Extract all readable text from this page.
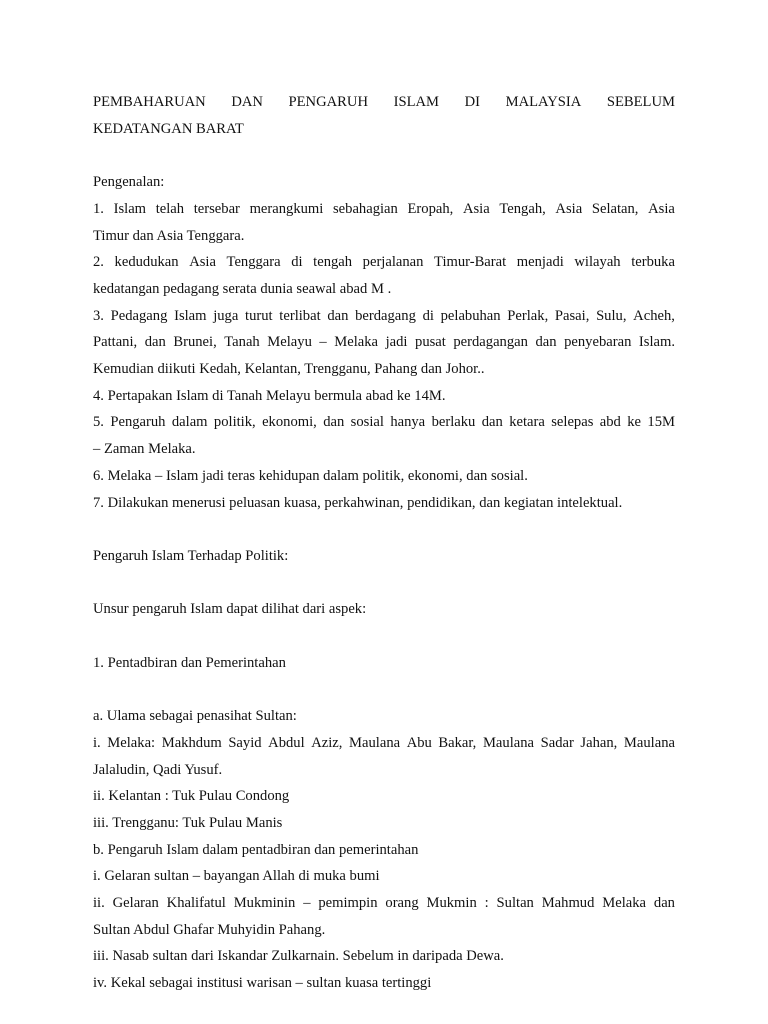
PEMBAHARUAN DAN PENGARUH ISLAM DI MALAYSIA SEBELUM

KEDATANGAN BARAT

Pengenalan:

1. Islam telah tersebar merangkumi sebahagian Eropah, Asia Tengah, Asia Selatan, Asia

Timur dan Asia Tenggara.

2. kedudukan Asia Tenggara di tengah perjalanan Timur-Barat menjadi wilayah terbuka

kedatangan pedagang serata dunia seawal abad M .

3. Pedagang Islam juga turut terlibat dan berdagang di pelabuhan Perlak, Pasai, Sulu, Acheh,

Pattani, dan Brunei, Tanah Melayu – Melaka jadi pusat perdagangan dan penyebaran Islam.

Kemudian diikuti Kedah, Kelantan, Trengganu, Pahang dan Johor..

4. Pertapakan Islam di Tanah Melayu bermula abad ke 14M.

5. Pengaruh dalam politik, ekonomi, dan sosial hanya berlaku dan ketara selepas abd ke 15M

– Zaman Melaka.

6. Melaka – Islam jadi teras kehidupan dalam politik, ekonomi, dan sosial.

7. Dilakukan menerusi peluasan kuasa, perkahwinan, pendidikan, dan kegiatan intelektual.

Pengaruh Islam Terhadap Politik:

Unsur pengaruh Islam dapat dilihat dari aspek:

1. Pentadbiran dan Pemerintahan

a. Ulama sebagai penasihat Sultan:

i. Melaka: Makhdum Sayid Abdul Aziz, Maulana Abu Bakar, Maulana Sadar Jahan, Maulana

Jalaludin, Qadi Yusuf.

ii. Kelantan : Tuk Pulau Condong

iii. Trengganu: Tuk Pulau Manis

b. Pengaruh Islam dalam pentadbiran dan pemerintahan

i. Gelaran sultan – bayangan Allah di muka bumi

ii. Gelaran Khalifatul Mukminin – pemimpin orang Mukmin : Sultan Mahmud Melaka dan

Sultan Abdul Ghafar Muhyidin Pahang.

iii. Nasab sultan dari Iskandar Zulkarnain. Sebelum in daripada Dewa.

iv. Kekal sebagai institusi warisan – sultan kuasa tertinggi
